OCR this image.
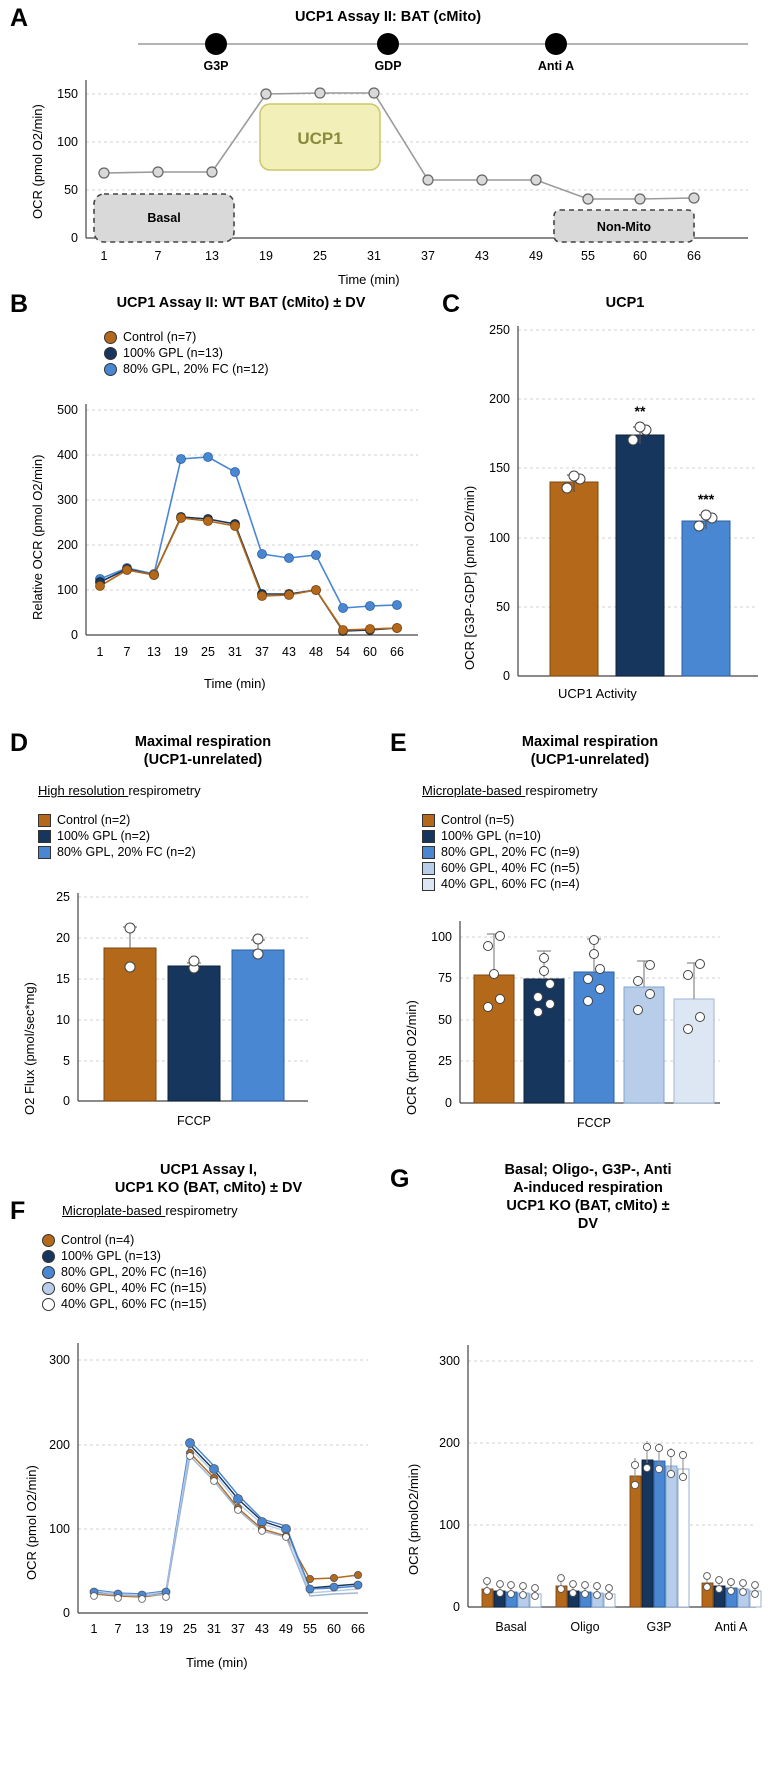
A	UCP1 Assay II: BAT (cMito)
G3P	GDP	Anti A
150
100
50
0
Basal
UCP1
Non-Mito
1	7	13	19	25	31	37	43	49	55	60	66
Time (min)
OCR (pmol O2/min)
B	UCP1 Assay II: WT BAT (cMito) ± DV
Control (n=7)
100% GPL (n=13)
80% GPL, 20% FC (n=12)
500
400
300
200
100
0
1 7 13 19 25 31 37 43 48 54 60 66
Time (min)
Relative OCR (pmol O2/min)
C	UCP1
250
200
150
100
50
0
**
***
UCP1 Activity
OCR [G3P-GDP] (pmol O2/min)
D	Maximal respiration
(UCP1-unrelated)
High resolution respirometry
Control (n=2)
100% GPL (n=2)
80% GPL, 20% FC (n=2)
25
20
15
10
5
0
FCCP
O2 Flux (pmol/sec*mg)
E	Maximal respiration
(UCP1-unrelated)
Microplate-based respirometry
Control (n=5)
100% GPL (n=10)
80% GPL, 20% FC (n=9)
60% GPL, 40% FC (n=5)
40% GPL, 60% FC (n=4)
100
75
50
25
0
FCCP
OCR (pmol O2/min)
F
UCP1 Assay I,
UCP1 KO (BAT, cMito) ± DV
Microplate-based respirometry
Control (n=4)
100% GPL (n=13)
80% GPL, 20% FC (n=16)
60% GPL, 40% FC (n=15)
40% GPL, 60% FC (n=15)
300
200
100
0
1 7 13 19 25 31 37 43 49 55 60 66
Time (min)
OCR (pmol O2/min)
G	Basal; Oligo-, G3P-, Anti
A-induced respiration
UCP1 KO (BAT, cMito) ±
DV
300
200
100
0
Basal	Oligo	G3P	Anti A
OCR (pmolO2/min)
